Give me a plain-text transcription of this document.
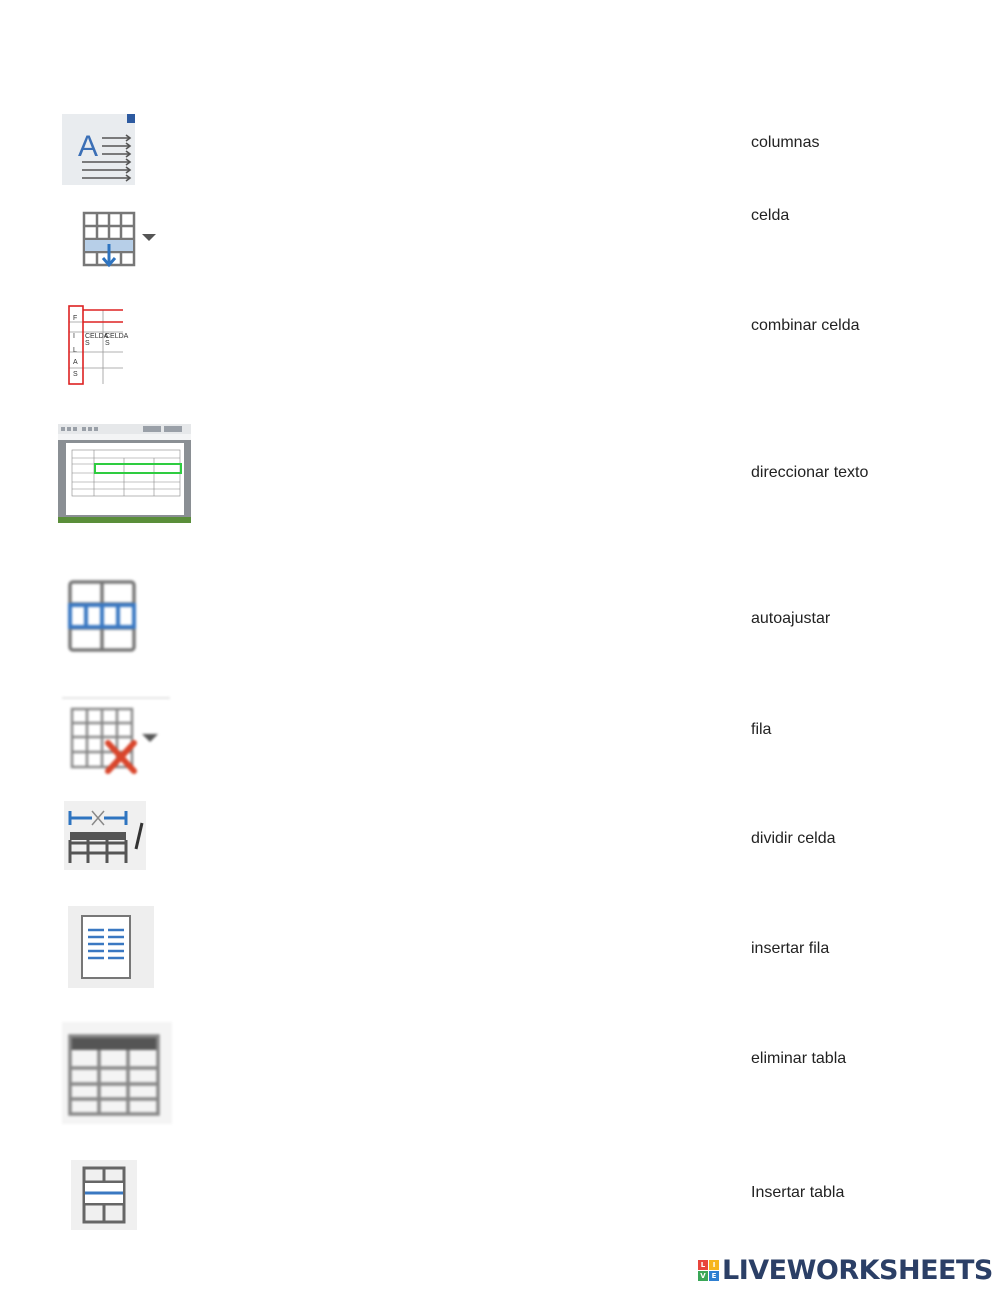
A	columnas
celda
F
I
L
A
S
CELDA
CELDA
S S
combinar celda
direccionar texto
autoajustar
fila
dividir celda
insertar fila
eliminar tabla
Insertar tabla
L	I
V E LIVEWORKSHEETS
